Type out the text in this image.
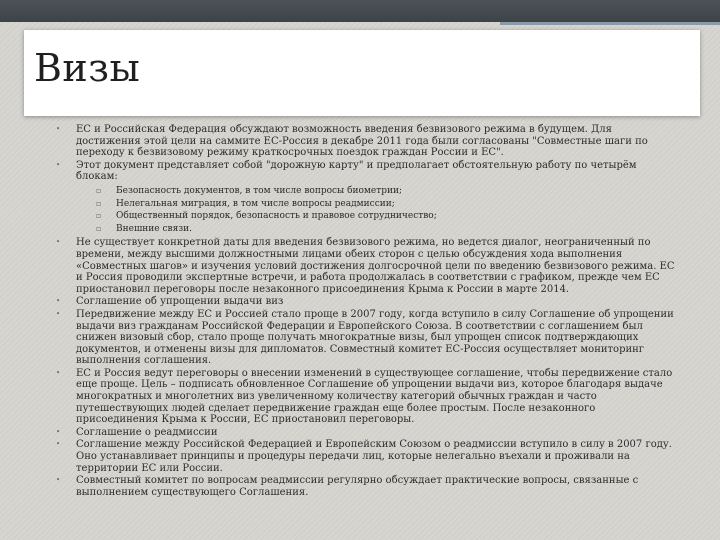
Визы
• ЕС и Российская Федерация обсуждают возможность введения безвизового режима в будущем. Для достижения этой цели на саммите ЕС-Россия в декабре 2011 года были согласованы "Совместные шаги по переходу к безвизовому режиму краткосрочных поездок граждан России и ЕС".
• Этот документ представляет собой "дорожную карту" и предполагает обстоятельную работу по четырём блокам:
▫ Безопасность документов, в том числе вопросы биометрии;
▫ Нелегальная миграция, в том числе вопросы реадмиссии;
▫ Общественный порядок, безопасность и правовое сотрудничество;
▫ Внешние связи.
• Не существует конкретной даты для введения безвизового режима, но ведется диалог, неограниченный по времени, между высшими должностными лицами обеих сторон с целью обсуждения хода выполнения «Совместных шагов» и изучения условий достижения долгосрочной цели по введению безвизового режима. ЕС и Россия проводили экспертные встречи, и работа продолжалась в соответствии с графиком, прежде чем ЕС приостановил переговоры после незаконного присоединения Крыма к России в марте 2014.
• Соглашение об упрощении выдачи виз
• Передвижение между ЕС и Россией стало проще в 2007 году, когда вступило в силу Соглашение об упрощении выдачи виз гражданам Российской Федерации и Европейского Союза. В соответствии с соглашением был снижен визовый сбор, стало проще получать многократные визы, был упрощен список подтверждающих документов, и отменены визы для дипломатов. Совместный комитет ЕС-Россия осуществляет мониторинг выполнения соглашения.
• ЕС и Россия ведут переговоры о внесении изменений в существующее соглашение, чтобы передвижение стало еще проще. Цель – подписать обновленное Соглашение об упрощении выдачи виз, которое благодаря выдаче многократных и многолетних виз увеличенному количеству категорий обычных граждан и часто путешествующих людей сделает передвижение граждан еще более простым. После незаконного присоединения Крыма к России, ЕС приостановил переговоры.
• Соглашение о реадмиссии
• Соглашение между Российской Федерацией и Европейским Союзом о реадмиссии вступило в силу в 2007 году. Оно устанавливает принципы и процедуры передачи лиц, которые нелегально въехали и проживали на территории ЕС или России.
• Совместный комитет по вопросам реадмиссии регулярно обсуждает практические вопросы, связанные с выполнением существующего Соглашения.
